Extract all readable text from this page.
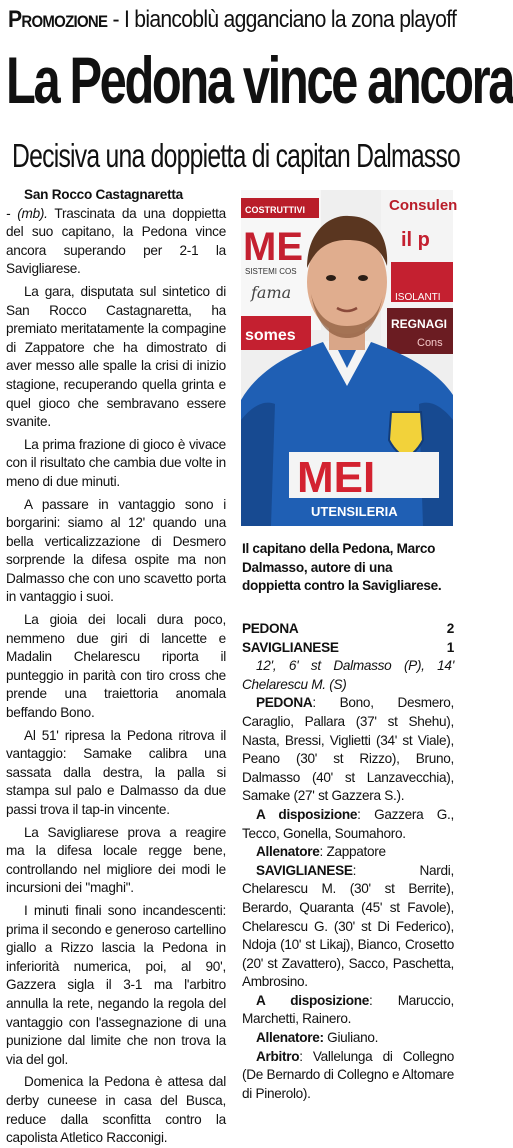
Promozione - I biancoblù agganciano la zona playoff
La Pedona vince ancora
Decisiva una doppietta di capitan Dalmasso
San Rocco Castagnaretta

- (mb). Trascinata da una doppietta del suo capitano, la Pedona vince ancora superando per 2-1 la Savigliarese.

La gara, disputata sul sintetico di San Rocco Castagnaretta, ha premiato meritatamente la compagine di Zappatore che ha dimostrato di aver messo alle spalle la crisi di inizio stagione, recuperando quella grinta e quel gioco che sembravano essere svanite.

La prima frazione di gioco è vivace con il risultato che cambia due volte in meno di due minuti.

A passare in vantaggio sono i borgarini: siamo al 12' quando una bella verticalizzazione di Desmero sorprende la difesa ospite ma non Dalmasso che con uno scavetto porta in vantaggio i suoi.

La gioia dei locali dura poco, nemmeno due giri di lancette e Madalin Chelarescu riporta il punteggio in parità con tiro cross che prende una traiettoria anomala beffando Bono.

Al 51' ripresa la Pedona ritrova il vantaggio: Samake calibra una sassata dalla destra, la palla si stampa sul palo e Dalmasso da due passi trova il tap-in vincente.

La Savigliarese prova a reagire ma la difesa locale regge bene, controllando nel migliore dei modi le incursioni dei "maghi".

I minuti finali sono incandescenti: prima il secondo e generoso cartellino giallo a Rizzo lascia la Pedona in inferiorità numerica, poi, al 90', Gazzera sigla il 3-1 ma l'arbitro annulla la rete, negando la regola del vantaggio con l'assegnazione di una punizione dal limite che non trova la via del gol.

Domenica la Pedona è attesa dal derby cuneese in casa del Busca, reduce dalla sconfitta contro la capolista Atletico Racconigi.

COSTRUTTIVI	Consulen
ME	il p
SISTEMI COS
fama	ISOLANTI
somes
REGNAGI
Cons
MEI
UTENSILERIA
Il capitano della Pedona, Marco Dalmasso, autore di una doppietta contro la Savigliarese.
PEDONA	2
SAVIGLIANESE	1

12', 6' st Dalmasso (P), 14' Chelarescu M. (S)

PEDONA: Bono, Desmero, Caraglio, Pallara (37' st Shehu), Nasta, Bressi, Viglietti (34' st Viale), Peano (30' st Rizzo), Bruno, Dalmasso (40' st Lanzavecchia), Samake (27' st Gazzera S.).

A disposizione: Gazzera G., Tecco, Gonella, Soumahoro.

Allenatore: Zappatore

SAVIGLIANESE: Nardi, Chelarescu M. (30' st Berrite), Berardo, Quaranta (45' st Favole), Chelarescu G. (30' st Di Federico), Ndoja (10' st Likaj), Bianco, Crosetto (20' st Zavattero), Sacco, Paschetta, Ambrosino.

A disposizione: Maruccio, Marchetti, Rainero.

Allenatore: Giuliano.

Arbitro: Vallelunga di Collegno (De Bernardo di Collegno e Altomare di Pinerolo).
